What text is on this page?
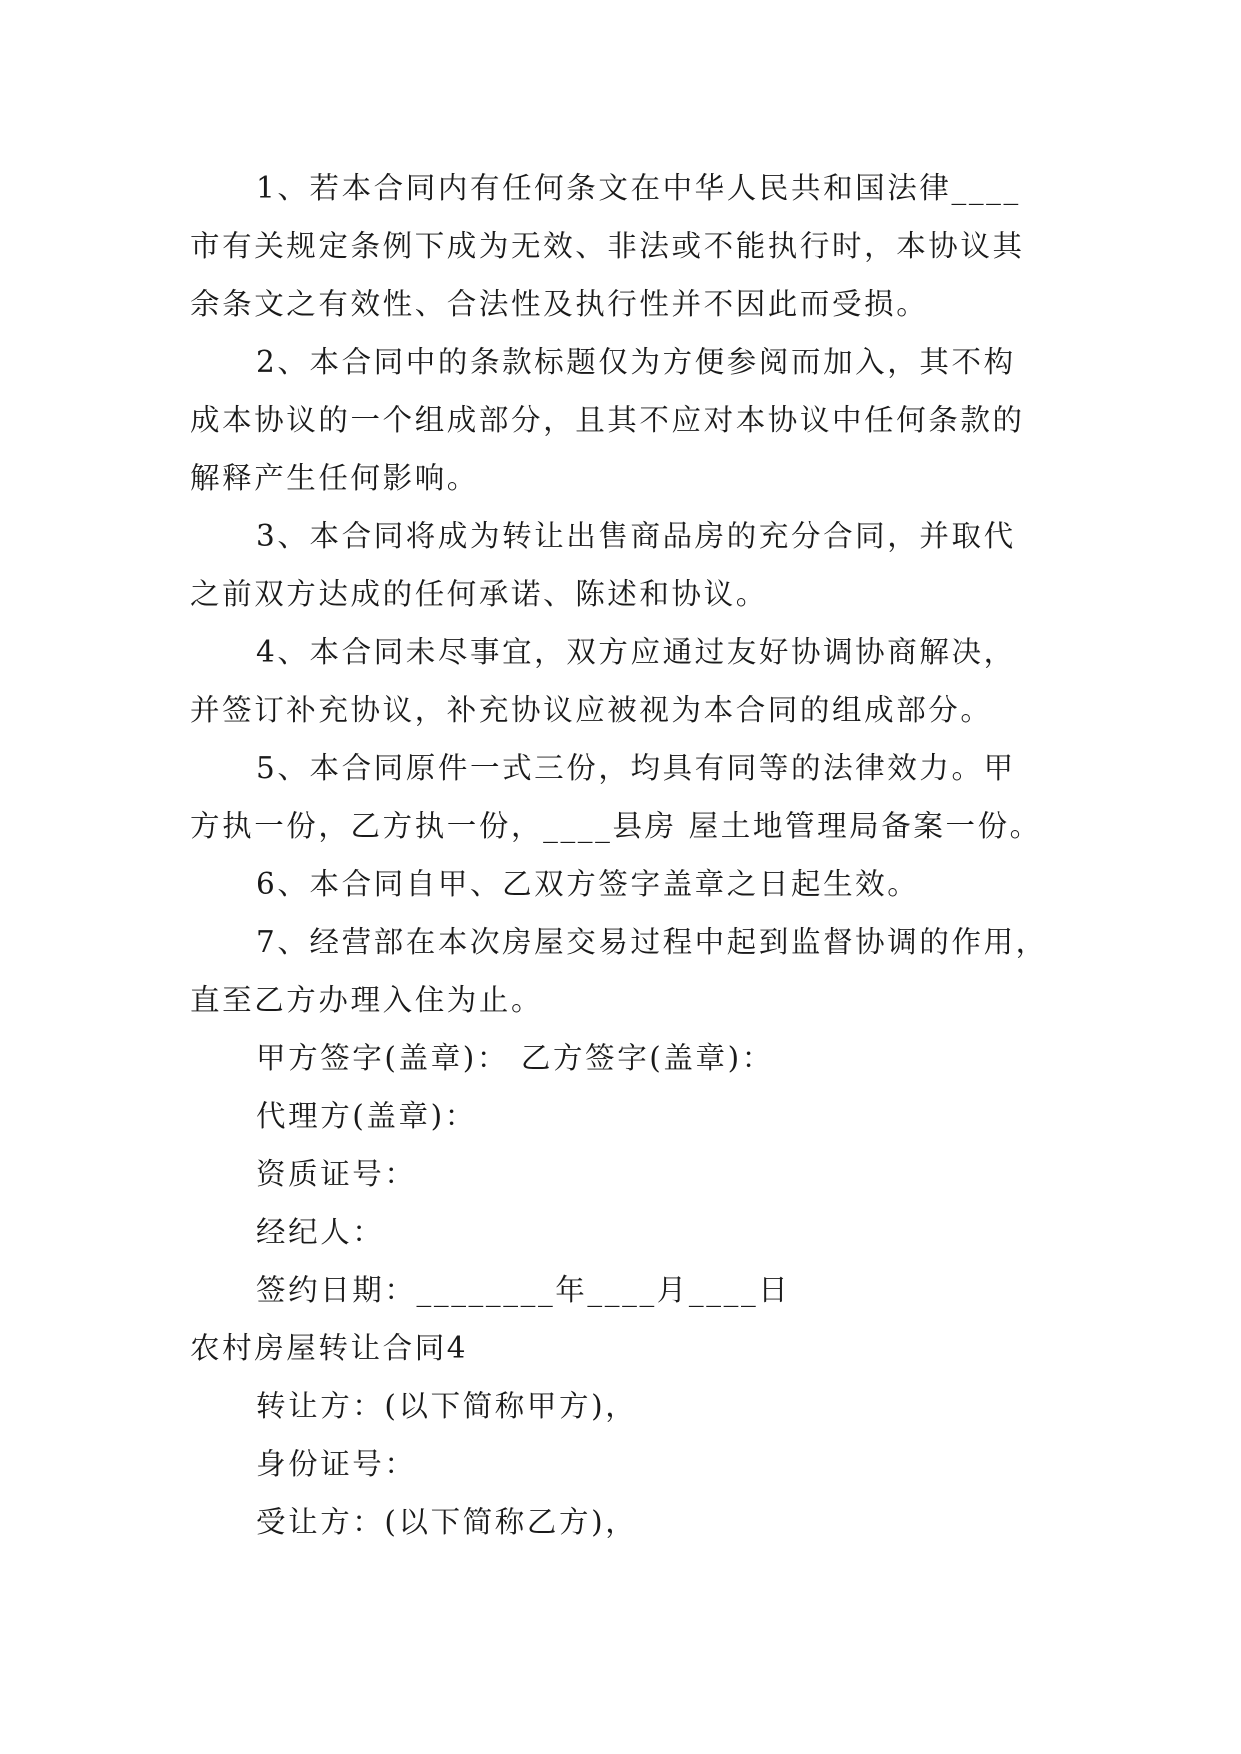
1、若本合同内有任何条文在中华人民共和国法律____
市有关规定条例下成为无效、非法或不能执行时，本协议其
余条文之有效性、合法性及执行性并不因此而受损。
2、本合同中的条款标题仅为方便参阅而加入，其不构
成本协议的一个组成部分，且其不应对本协议中任何条款的
解释产生任何影响。
3、本合同将成为转让出售商品房的充分合同，并取代
之前双方达成的任何承诺、陈述和协议。
4、本合同未尽事宜，双方应通过友好协调协商解决，
并签订补充协议，补充协议应被视为本合同的组成部分。
5、本合同原件一式三份，均具有同等的法律效力。甲
方执一份，乙方执一份，____县房 屋土地管理局备案一份。
6、本合同自甲、乙双方签字盖章之日起生效。
7、经营部在本次房屋交易过程中起到监督协调的作用，
直至乙方办理入住为止。
甲方签字(盖章)： 乙方签字(盖章)：
代理方(盖章)：
资质证号：
经纪人：
签约日期：________年____月____日
农村房屋转让合同4
转让方：(以下简称甲方)，
身份证号：
受让方：(以下简称乙方)，
